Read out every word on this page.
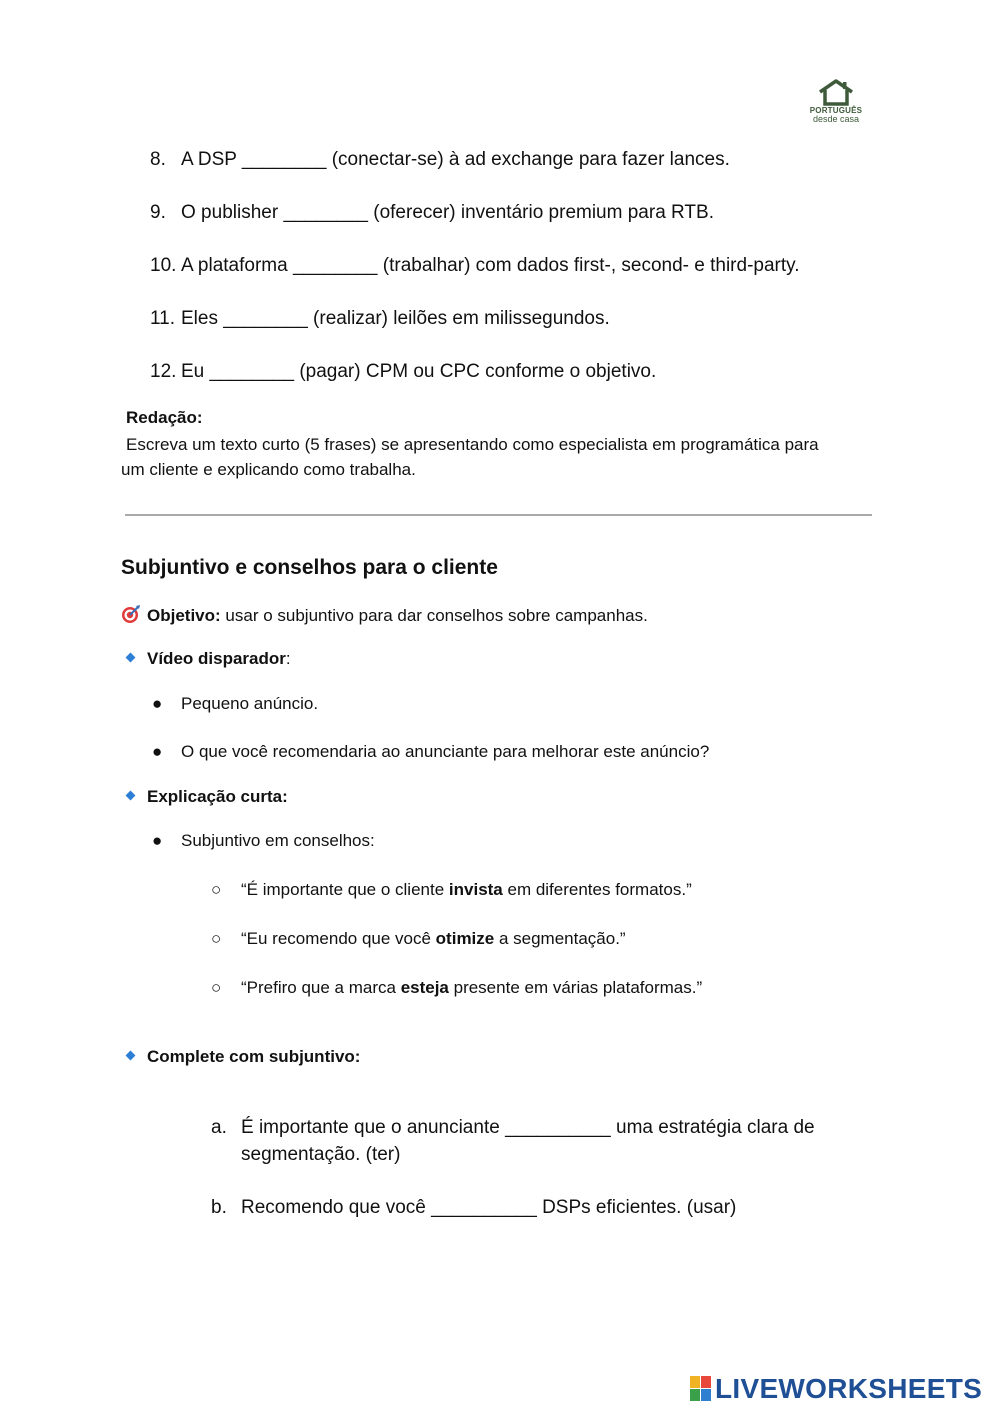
PORTUGUÊS
desde casa
8. A DSP ________ (conectar-se) à ad exchange para fazer lances.
9. O publisher ________ (oferecer) inventário premium para RTB.
10. A plataforma ________ (trabalhar) com dados first-, second- e third-party.
11. Eles ________ (realizar) leilões em milissegundos.
12. Eu ________ (pagar) CPM ou CPC conforme o objetivo.
Redação:
Escreva um texto curto (5 frases) se apresentando como especialista em programática para
um cliente e explicando como trabalha.
Subjuntivo e conselhos para o cliente
Objetivo: usar o subjuntivo para dar conselhos sobre campanhas.
Vídeo disparador:
● Pequeno anúncio.
● O que você recomendaria ao anunciante para melhorar este anúncio?
Explicação curta:
● Subjuntivo em conselhos:
○ “É importante que o cliente invista em diferentes formatos.”
○ “Eu recomendo que você otimize a segmentação.”
○ “Prefiro que a marca esteja presente em várias plataformas.”
Complete com subjuntivo:
a. É importante que o anunciante __________ uma estratégia clara de segmentação. (ter)
b. Recomendo que você __________ DSPs eficientes. (usar)
LIVEWORKSHEETS
